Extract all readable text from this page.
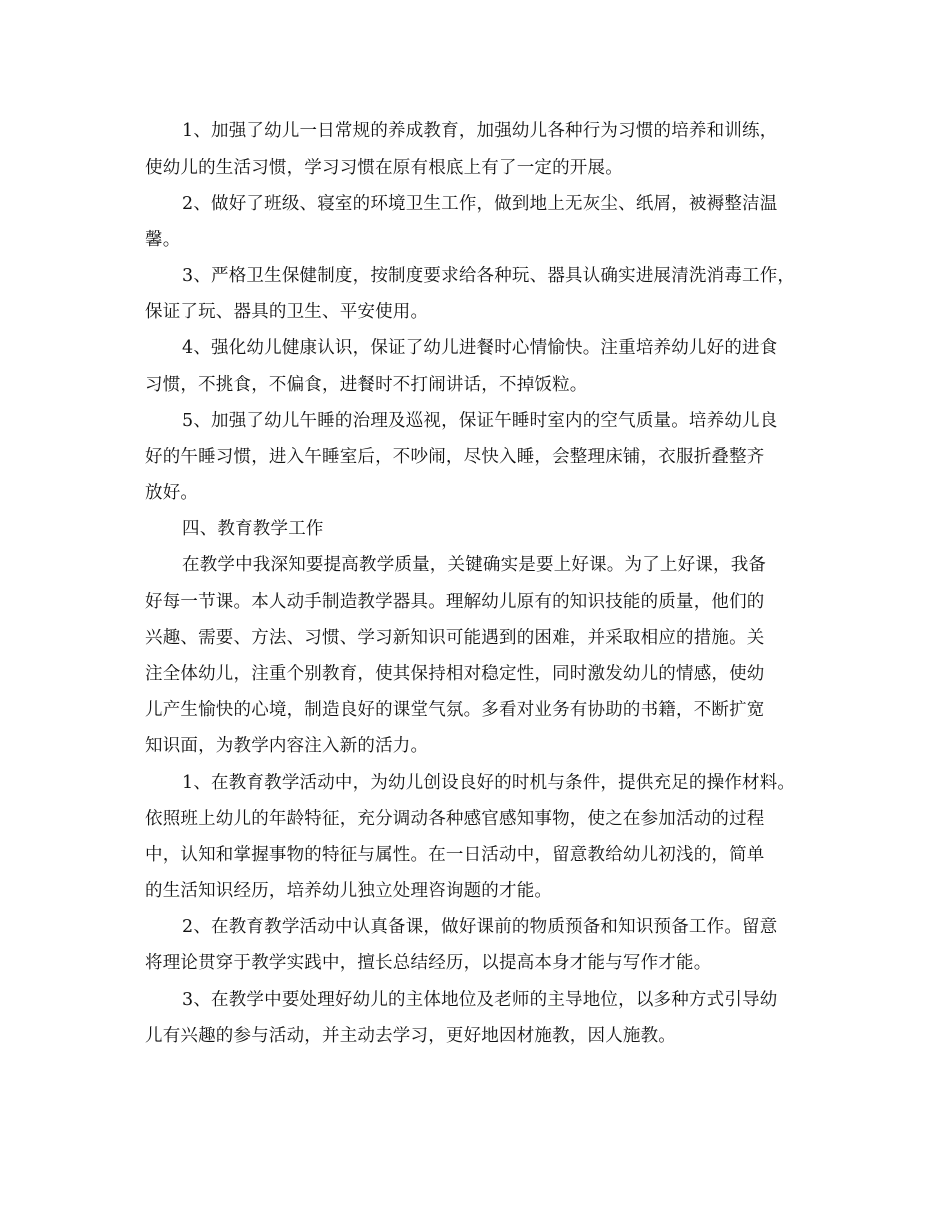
1、加强了幼儿一日常规的养成教育，加强幼儿各种行为习惯的培养和训练，
使幼儿的生活习惯，学习习惯在原有根底上有了一定的开展。
2、做好了班级、寝室的环境卫生工作，做到地上无灰尘、纸屑，被褥整洁温
馨。
3、严格卫生保健制度，按制度要求给各种玩、器具认确实进展清洗消毒工作，
保证了玩、器具的卫生、平安使用。
4、强化幼儿健康认识，保证了幼儿进餐时心情愉快。注重培养幼儿好的进食
习惯，不挑食，不偏食，进餐时不打闹讲话，不掉饭粒。
5、加强了幼儿午睡的治理及巡视，保证午睡时室内的空气质量。培养幼儿良
好的午睡习惯，进入午睡室后，不吵闹，尽快入睡，会整理床铺，衣服折叠整齐
放好。
四、教育教学工作
在教学中我深知要提高教学质量，关键确实是要上好课。为了上好课，我备
好每一节课。本人动手制造教学器具。理解幼儿原有的知识技能的质量，他们的
兴趣、需要、方法、习惯、学习新知识可能遇到的困难，并采取相应的措施。关
注全体幼儿，注重个别教育，使其保持相对稳定性，同时激发幼儿的情感，使幼
儿产生愉快的心境，制造良好的课堂气氛。多看对业务有协助的书籍，不断扩宽
知识面，为教学内容注入新的活力。
1、在教育教学活动中，为幼儿创设良好的时机与条件，提供充足的操作材料。
依照班上幼儿的年龄特征，充分调动各种感官感知事物，使之在参加活动的过程
中，认知和掌握事物的特征与属性。在一日活动中，留意教给幼儿初浅的，简单
的生活知识经历，培养幼儿独立处理咨询题的才能。
2、在教育教学活动中认真备课，做好课前的物质预备和知识预备工作。留意
将理论贯穿于教学实践中，擅长总结经历，以提高本身才能与写作才能。
3、在教学中要处理好幼儿的主体地位及老师的主导地位，以多种方式引导幼
儿有兴趣的参与活动，并主动去学习，更好地因材施教，因人施教。
